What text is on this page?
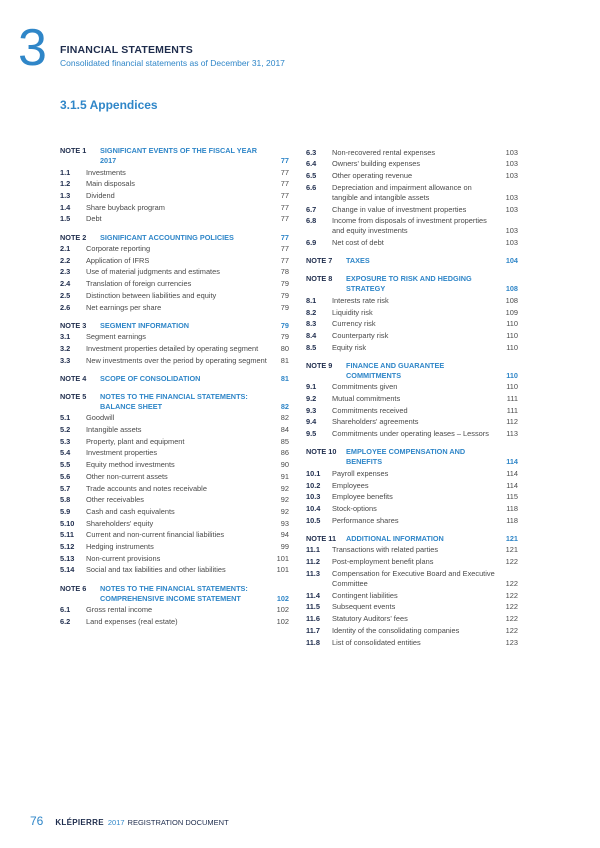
3 FINANCIAL STATEMENTS
Consolidated financial statements as of December 31, 2017
3.1.5 Appendices
NOTE 1	SIGNIFICANT EVENTS OF THE FISCAL YEAR 2017	77
1.1	Investments	77
1.2	Main disposals	77
1.3	Dividend	77
1.4	Share buyback program	77
1.5	Debt	77
NOTE 2	SIGNIFICANT ACCOUNTING POLICIES	77
2.1	Corporate reporting	77
2.2	Application of IFRS	77
2.3	Use of material judgments and estimates	78
2.4	Translation of foreign currencies	79
2.5	Distinction between liabilities and equity	79
2.6	Net earnings per share	79
NOTE 3	SEGMENT INFORMATION	79
3.1	Segment earnings	79
3.2	Investment properties detailed by operating segment	80
3.3	New investments over the period by operating segment	81
NOTE 4	SCOPE OF CONSOLIDATION	81
NOTE 5	NOTES TO THE FINANCIAL STATEMENTS: BALANCE SHEET	82
5.1	Goodwill	82
5.2	Intangible assets	84
5.3	Property, plant and equipment	85
5.4	Investment properties	86
5.5	Equity method investments	90
5.6	Other non-current assets	91
5.7	Trade accounts and notes receivable	92
5.8	Other receivables	92
5.9	Cash and cash equivalents	92
5.10	Shareholders' equity	93
5.11	Current and non-current financial liabilities	94
5.12	Hedging instruments	99
5.13	Non-current provisions	101
5.14	Social and tax liabilities and other liabilities	101
NOTE 6	NOTES TO THE FINANCIAL STATEMENTS: COMPREHENSIVE INCOME STATEMENT	102
6.1	Gross rental income	102
6.2	Land expenses (real estate)	102
6.3	Non-recovered rental expenses	103
6.4	Owners' building expenses	103
6.5	Other operating revenue	103
6.6	Depreciation and impairment allowance on tangible and intangible assets	103
6.7	Change in value of investment properties	103
6.8	Income from disposals of investment properties and equity investments	103
6.9	Net cost of debt	103
NOTE 7	TAXES	104
NOTE 8	EXPOSURE TO RISK AND HEDGING STRATEGY	108
8.1	Interests rate risk	108
8.2	Liquidity risk	109
8.3	Currency risk	110
8.4	Counterparty risk	110
8.5	Equity risk	110
NOTE 9	FINANCE AND GUARANTEE COMMITMENTS	110
9.1	Commitments given	110
9.2	Mutual commitments	111
9.3	Commitments received	111
9.4	Shareholders' agreements	112
9.5	Commitments under operating leases – Lessors	113
NOTE 10	EMPLOYEE COMPENSATION AND BENEFITS	114
10.1	Payroll expenses	114
10.2	Employees	114
10.3	Employee benefits	115
10.4	Stock-options	118
10.5	Performance shares	118
NOTE 11	ADDITIONAL INFORMATION	121
11.1	Transactions with related parties	121
11.2	Post-employment benefit plans	122
11.3	Compensation for Executive Board and Executive Committee	122
11.4	Contingent liabilities	122
11.5	Subsequent events	122
11.6	Statutory Auditors' fees	122
11.7	Identity of the consolidating companies	122
11.8	List of consolidated entities	123
76 KLÉPIERRE 2017 REGISTRATION DOCUMENT
